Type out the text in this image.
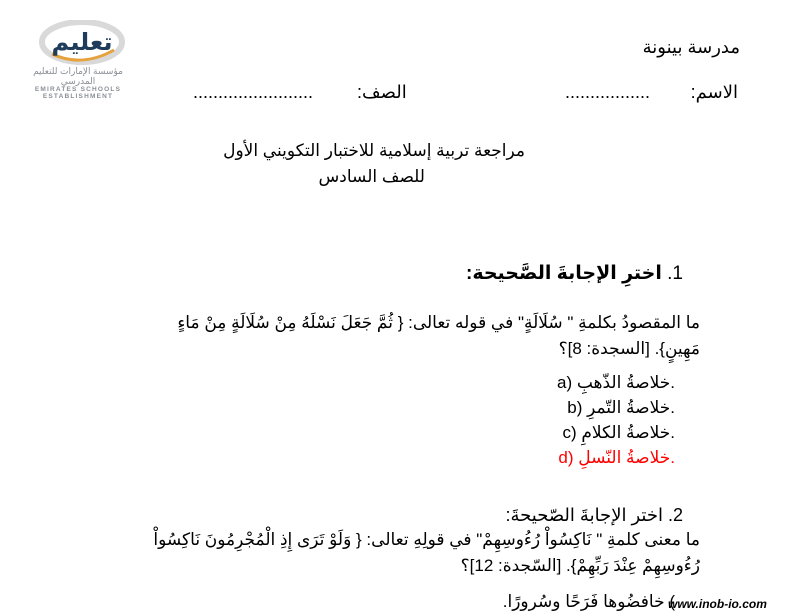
تعليم
مؤسسة الإمارات للتعليم المدرسي
EMIRATES SCHOOLS
ESTABLISHMENT
مدرسة بينونة
الاسم:
.................
الصف:
........................
مراجعة تربية إسلامية للاختبار التكويني الأول
للصف السادس
1. اخترِ الإجابةَ الصَّحيحة:
ما المقصودُ بكلمةِ " سُلَالَةٍ" في قوله تعالى: { ثُمَّ جَعَلَ نَسْلَهُ مِنْ سُلَالَةٍ مِنْ مَاءٍ
مَهِينٍ}. [السجدة: 8]؟
a) خلاصةُ الذّهبِ.
b) خلاصةُ التّمرِ.
c) خلاصةُ الكلامِ.
d) خلاصةُ النّسلِ.
2. اختر الإجابةَ الصّحيحةَ:
ما معنى كلمةِ " نَاكِسُواْ رُءُوسِهِمْ" في قولِهِ تعالى: { وَلَوْ تَرَى إِذِ الْمُجْرِمُونَ نَاكِسُواْ
رُءُوسِهِمْ عِنْدَ رَبِّهِمْ}. [السّجدة: 12]؟
) خافضُوها فَرَحًا وسُرورًا.
www.inob-io.com
